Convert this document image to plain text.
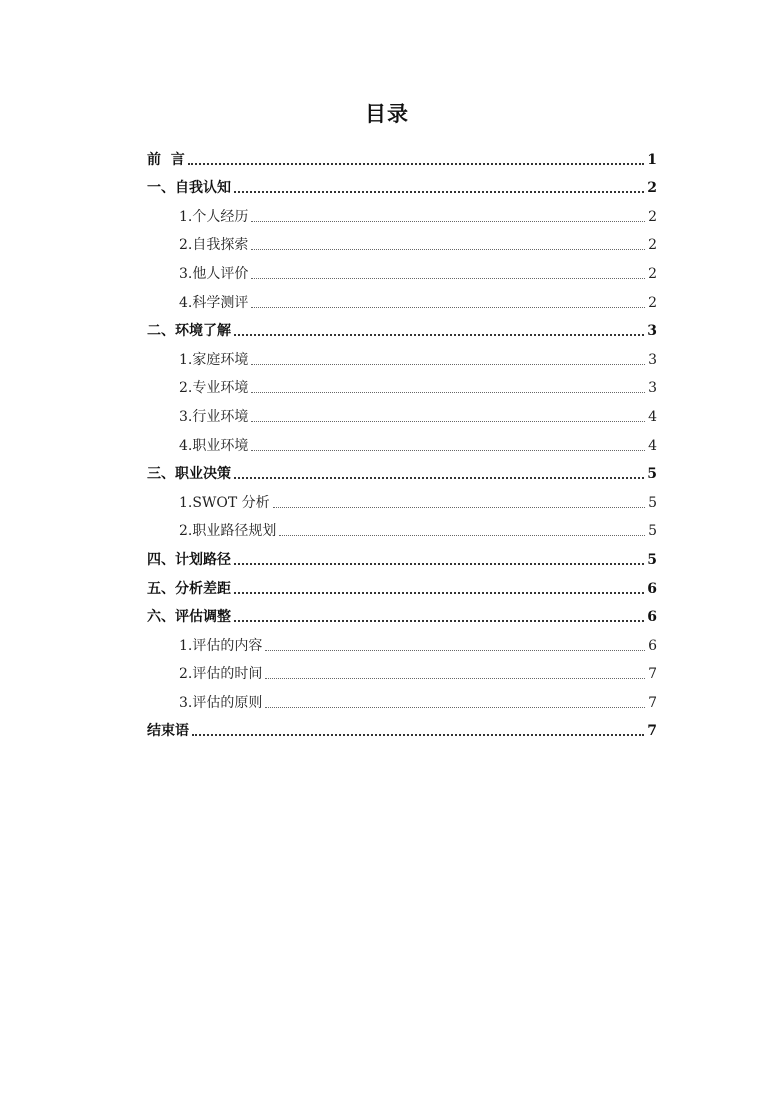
目录
前  言	1
一、自我认知	2
1.个人经历	2
2.自我探索	2
3.他人评价	2
4.科学测评	2
二、环境了解	3
1.家庭环境	3
2.专业环境	3
3.行业环境	4
4.职业环境	4
三、职业决策	5
1.SWOT 分析	5
2.职业路径规划	5
四、计划路径	5
五、分析差距	6
六、评估调整	6
1.评估的内容	6
2.评估的时间	7
3.评估的原则	7
结束语	7
